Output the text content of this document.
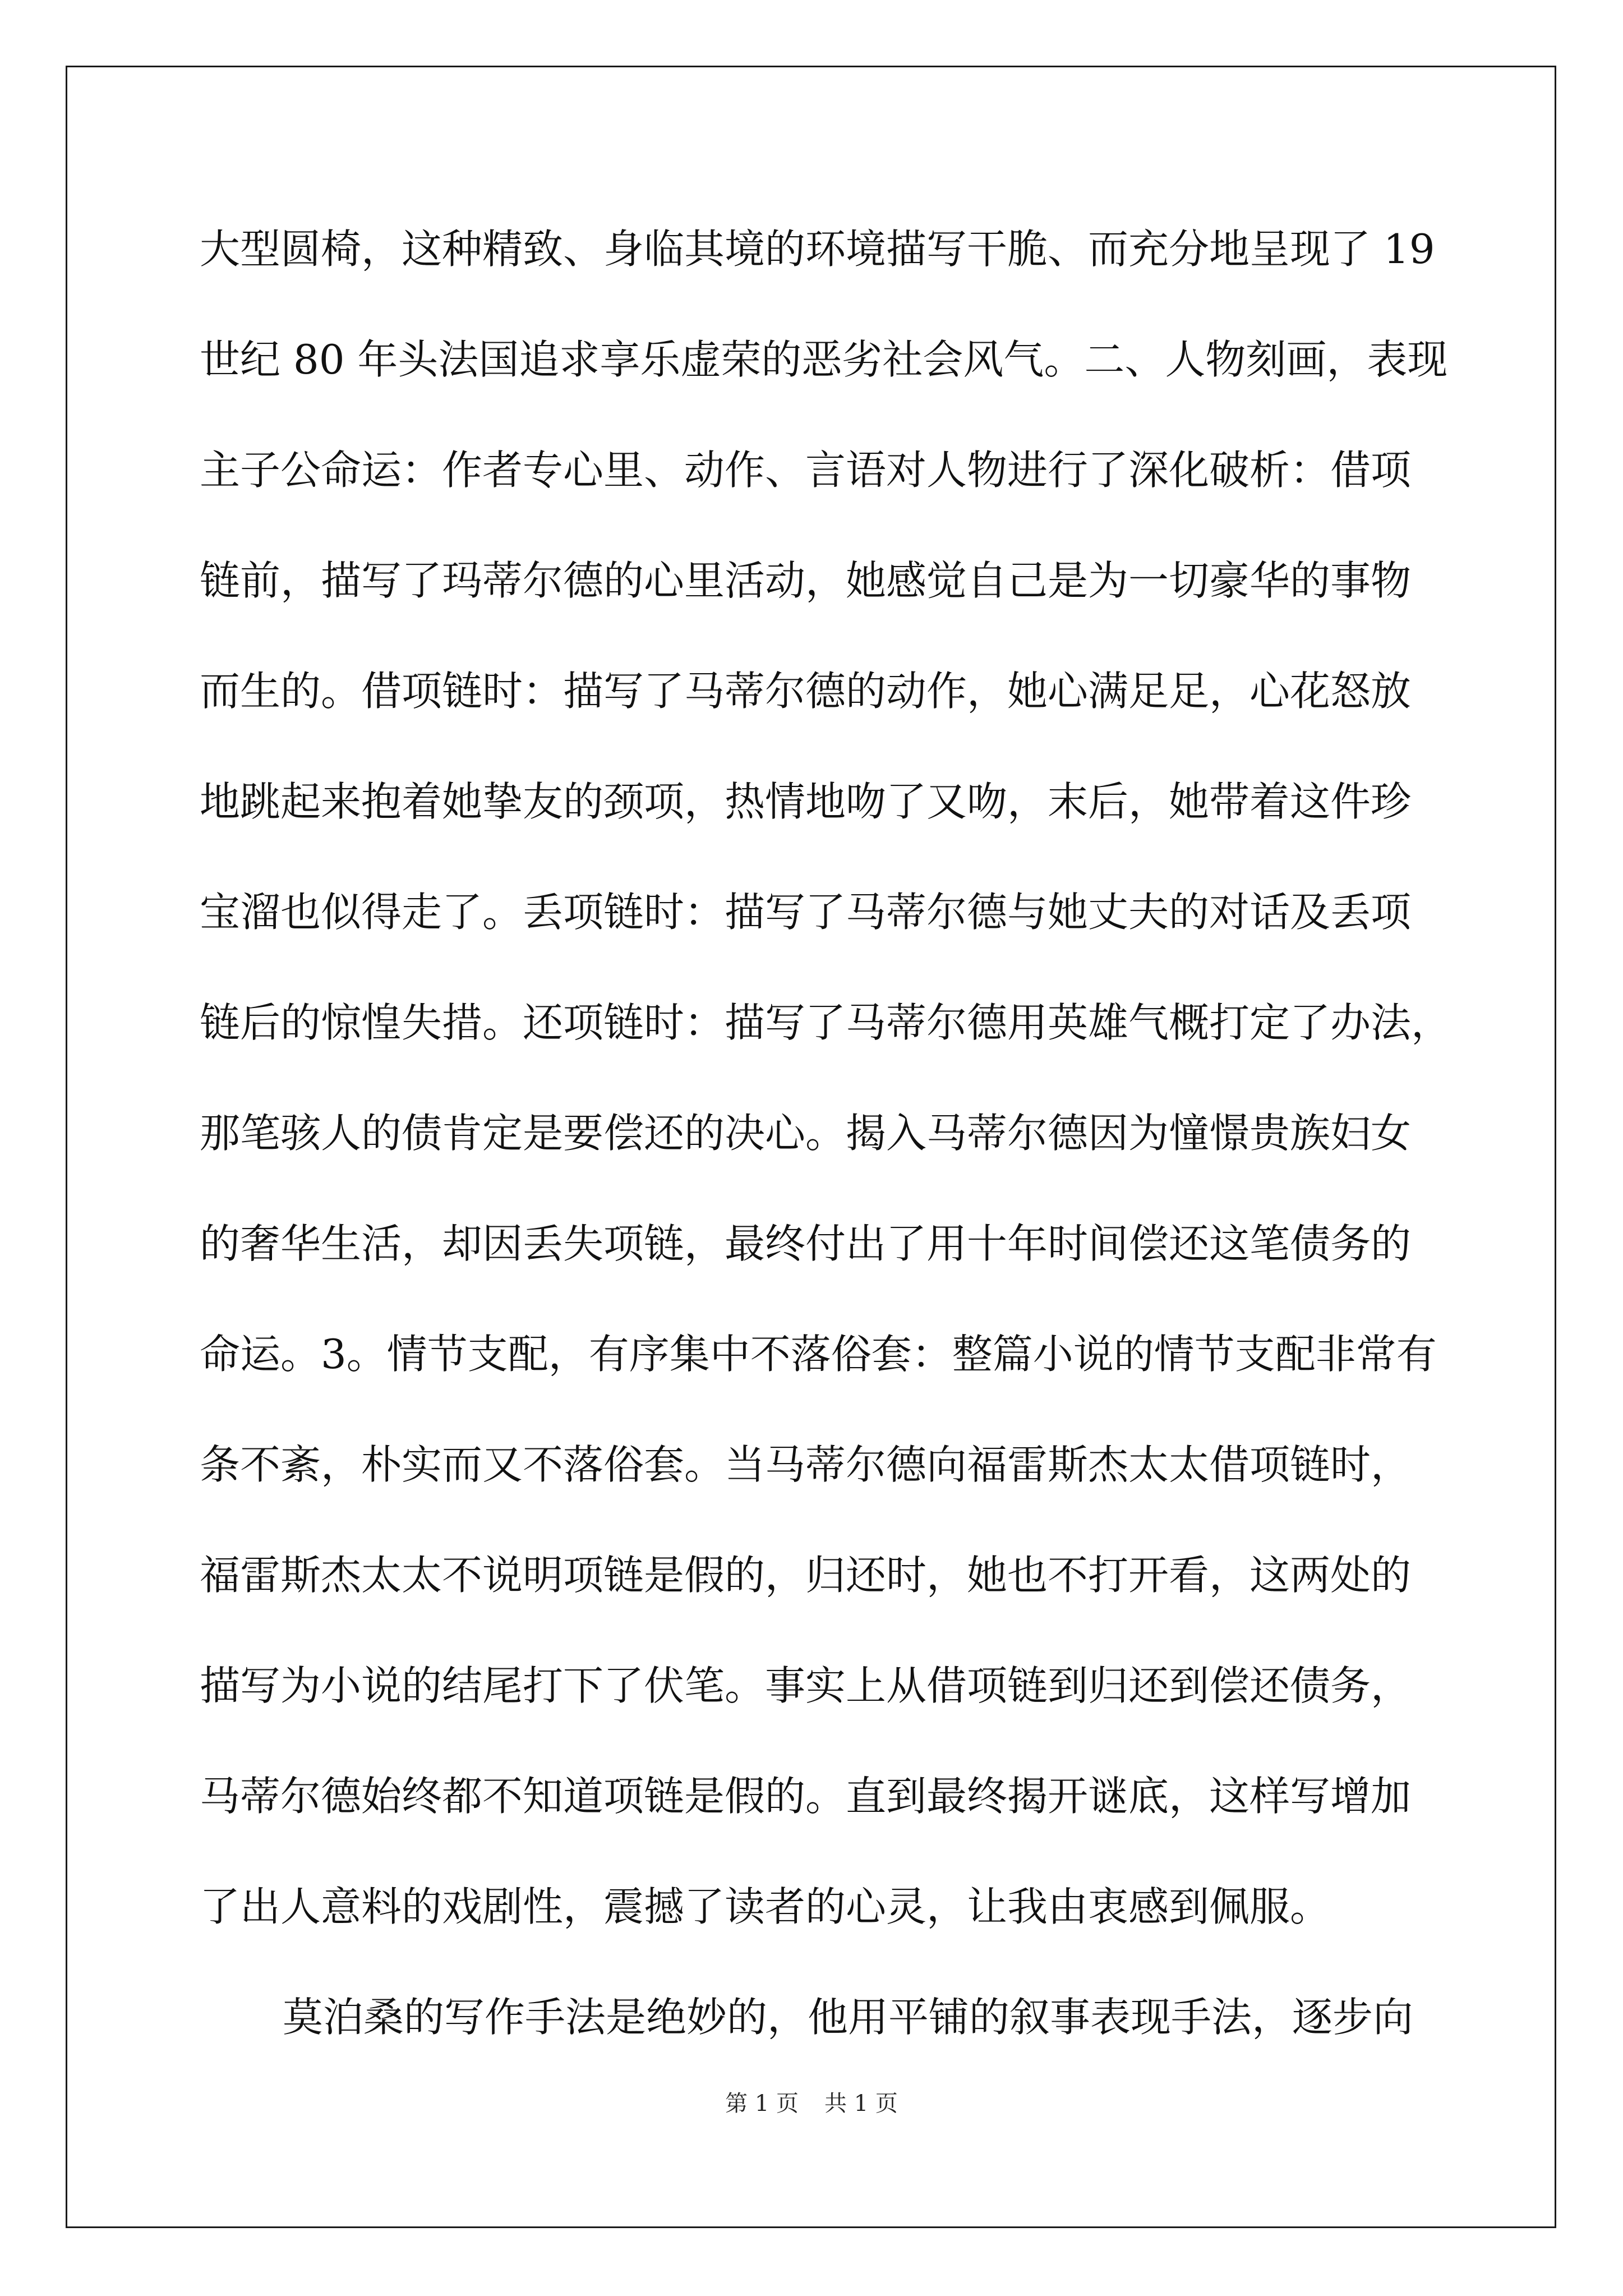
大型圆椅，这种精致、身临其境的环境描写干脆、而充分地呈现了 19
世纪 80 年头法国追求享乐虚荣的恶劣社会风气。二、人物刻画，表现
主子公命运：作者专心里、动作、言语对人物进行了深化破析：借项
链前，描写了玛蒂尔德的心里活动，她感觉自己是为一切豪华的事物
而生的。借项链时：描写了马蒂尔德的动作，她心满足足，心花怒放
地跳起来抱着她挚友的颈项，热情地吻了又吻，末后，她带着这件珍
宝溜也似得走了。丢项链时：描写了马蒂尔德与她丈夫的对话及丢项
链后的惊惶失措。还项链时：描写了马蒂尔德用英雄气概打定了办法，
那笔骇人的债肯定是要偿还的决心。揭入马蒂尔德因为憧憬贵族妇女
的奢华生活，却因丢失项链，最终付出了用十年时间偿还这笔债务的
命运。3。情节支配，有序集中不落俗套：整篇小说的情节支配非常有
条不紊，朴实而又不落俗套。当马蒂尔德向福雷斯杰太太借项链时，
福雷斯杰太太不说明项链是假的，归还时，她也不打开看，这两处的
描写为小说的结尾打下了伏笔。事实上从借项链到归还到偿还债务，
马蒂尔德始终都不知道项链是假的。直到最终揭开谜底，这样写增加
了出人意料的戏剧性，震撼了读者的心灵，让我由衷感到佩服。
莫泊桑的写作手法是绝妙的，他用平铺的叙事表现手法，逐步向
第 1 页 共 1 页
